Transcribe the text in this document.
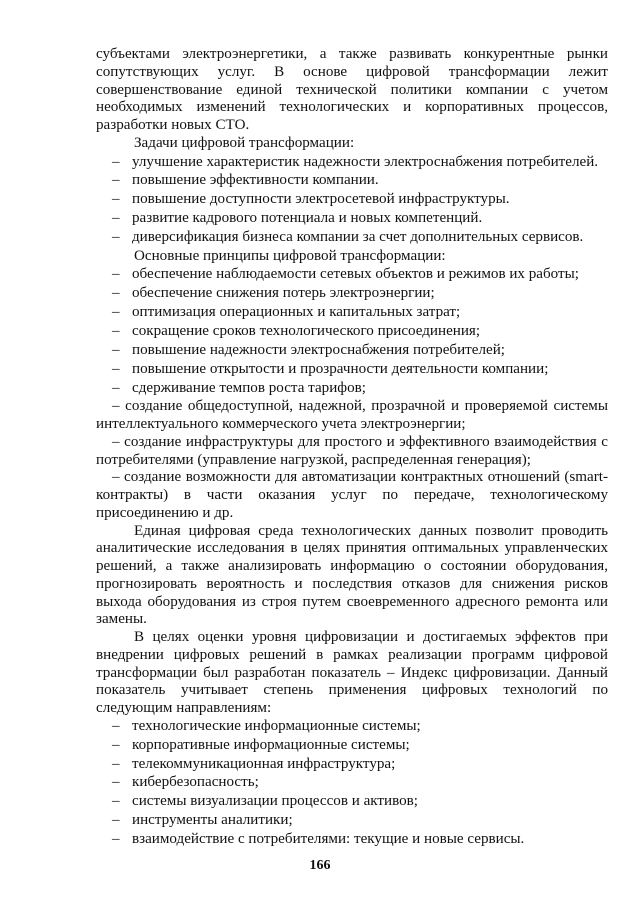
субъектами электроэнергетики, а также развивать конкурентные рынки сопутствующих услуг. В основе цифровой трансформации лежит совершенствование единой технической политики компании с учетом необходимых изменений технологических и корпоративных процессов, разработки новых СТО.

Задачи цифровой трансформации:

– улучшение характеристик надежности электроснабжения потребителей.
– повышение эффективности компании.
– повышение доступности электросетевой инфраструктуры.
– развитие кадрового потенциала и новых компетенций.
– диверсификация бизнеса компании за счет дополнительных сервисов.

Основные принципы цифровой трансформации:

– обеспечение наблюдаемости сетевых объектов и режимов их работы;
– обеспечение снижения потерь электроэнергии;
– оптимизация операционных и капитальных затрат;
– сокращение сроков технологического присоединения;
– повышение надежности электроснабжения потребителей;
– повышение открытости и прозрачности деятельности компании;
– сдерживание темпов роста тарифов;

– создание общедоступной, надежной, прозрачной и проверяемой системы интеллектуального коммерческого учета электроэнергии;

– создание инфраструктуры для простого и эффективного взаимодействия с потребителями (управление нагрузкой, распределенная генерация);

– создание возможности для автоматизации контрактных отношений (smart-контракты) в части оказания услуг по передаче, технологическому присоединению и др.

Единая цифровая среда технологических данных позволит проводить аналитические исследования в целях принятия оптимальных управленческих решений, а также анализировать информацию о состоянии оборудования, прогнозировать вероятность и последствия отказов для снижения рисков выхода оборудования из строя путем своевременного адресного ремонта или замены.

В целях оценки уровня цифровизации и достигаемых эффектов при внедрении цифровых решений в рамках реализации программ цифровой трансформации был разработан показатель – Индекс цифровизации. Данный показатель учитывает степень применения цифровых технологий по следующим направлениям:

– технологические информационные системы;
– корпоративные информационные системы;
– телекоммуникационная инфраструктура;
– кибербезопасность;
– системы визуализации процессов и активов;
– инструменты аналитики;
– взаимодействие с потребителями: текущие и новые сервисы.
166
